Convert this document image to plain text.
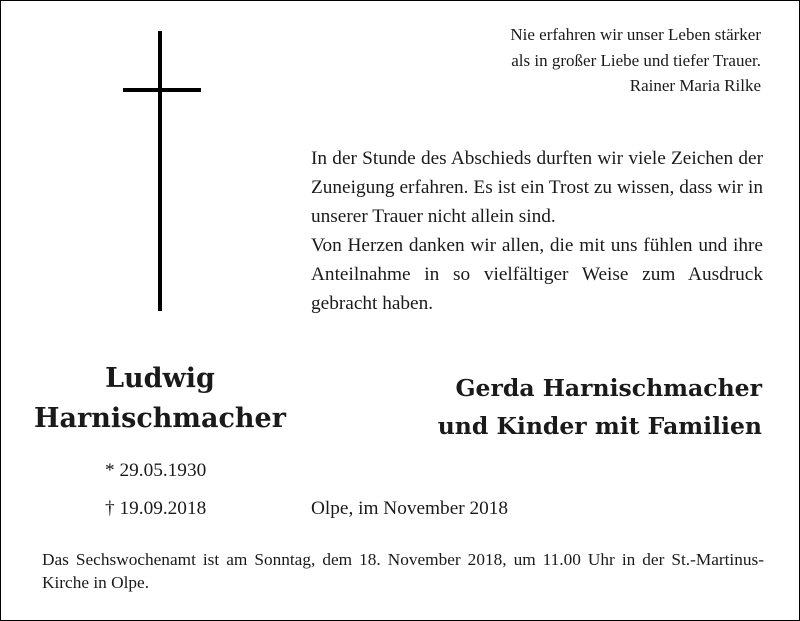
Nie erfahren wir unser Leben stärker
als in großer Liebe und tiefer Trauer.
Rainer Maria Rilke

In der Stunde des Abschieds durften wir viele Zeichen der Zuneigung erfahren. Es ist ein Trost zu wissen, dass wir in unserer Trauer nicht allein sind.

Von Herzen danken wir allen, die mit uns fühlen und ihre Anteilnahme in so vielfältiger Weise zum Ausdruck gebracht haben.

Ludwig
Harnischmacher
Gerda Harnischmacher
und Kinder mit Familien
* 29.05.1930
† 19.09.2018	Olpe, im November 2018
Das Sechswochenamt ist am Sonntag, dem 18. November 2018, um 11.00 Uhr in der St.-Martinus-Kirche in Olpe.
